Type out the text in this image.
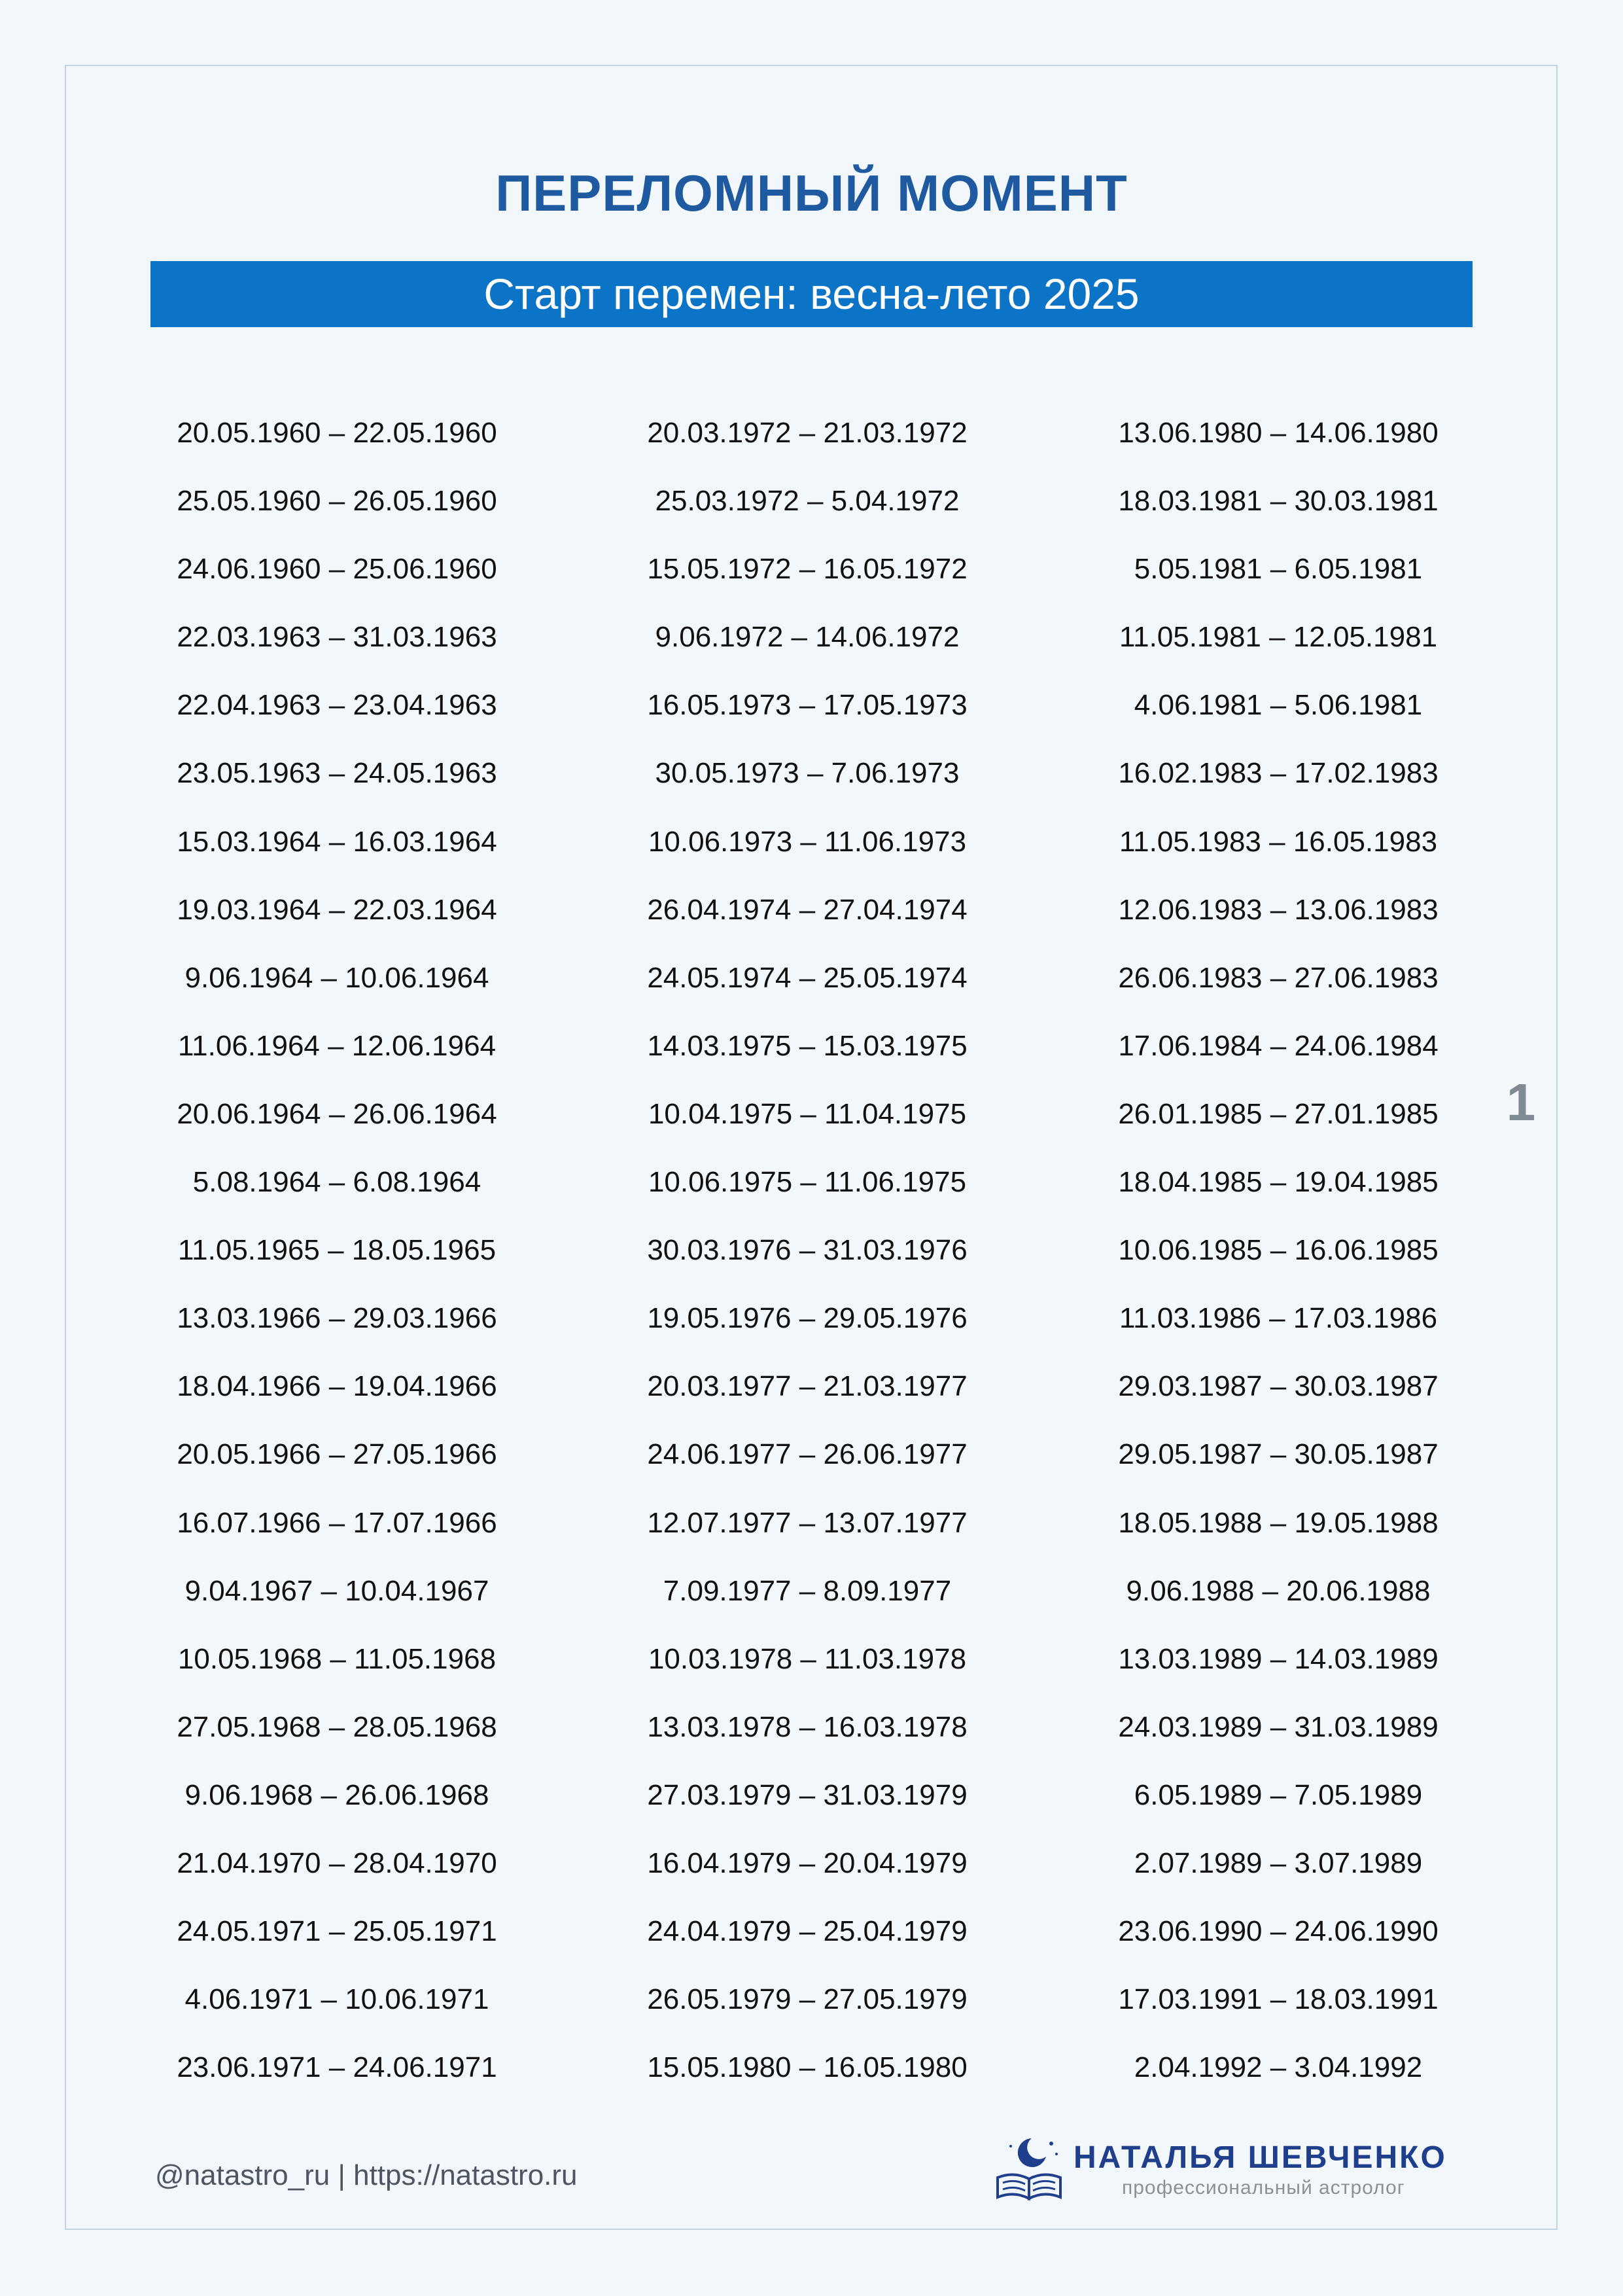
ПЕРЕЛОМНЫЙ МОМЕНТ
Старт перемен: весна-лето 2025
20.05.1960 – 22.05.1960
25.05.1960 – 26.05.1960
24.06.1960 – 25.06.1960
22.03.1963 – 31.03.1963
22.04.1963 – 23.04.1963
23.05.1963 – 24.05.1963
15.03.1964 – 16.03.1964
19.03.1964 – 22.03.1964
9.06.1964 – 10.06.1964
11.06.1964 – 12.06.1964
20.06.1964 – 26.06.1964
5.08.1964 – 6.08.1964
11.05.1965 – 18.05.1965
13.03.1966 – 29.03.1966
18.04.1966 – 19.04.1966
20.05.1966 – 27.05.1966
16.07.1966 – 17.07.1966
9.04.1967 – 10.04.1967
10.05.1968 – 11.05.1968
27.05.1968 – 28.05.1968
9.06.1968 – 26.06.1968
21.04.1970 – 28.04.1970
24.05.1971 – 25.05.1971
4.06.1971 – 10.06.1971
23.06.1971 – 24.06.1971
20.03.1972 – 21.03.1972
25.03.1972 – 5.04.1972
15.05.1972 – 16.05.1972
9.06.1972 – 14.06.1972
16.05.1973 – 17.05.1973
30.05.1973 – 7.06.1973
10.06.1973 – 11.06.1973
26.04.1974 – 27.04.1974
24.05.1974 – 25.05.1974
14.03.1975 – 15.03.1975
10.04.1975 – 11.04.1975
10.06.1975 – 11.06.1975
30.03.1976 – 31.03.1976
19.05.1976 – 29.05.1976
20.03.1977 – 21.03.1977
24.06.1977 – 26.06.1977
12.07.1977 – 13.07.1977
7.09.1977 – 8.09.1977
10.03.1978 – 11.03.1978
13.03.1978 – 16.03.1978
27.03.1979 – 31.03.1979
16.04.1979 – 20.04.1979
24.04.1979 – 25.04.1979
26.05.1979 – 27.05.1979
15.05.1980 – 16.05.1980
13.06.1980 – 14.06.1980
18.03.1981 – 30.03.1981
5.05.1981 – 6.05.1981
11.05.1981 – 12.05.1981
4.06.1981 – 5.06.1981
16.02.1983 – 17.02.1983
11.05.1983 – 16.05.1983
12.06.1983 – 13.06.1983
26.06.1983 – 27.06.1983
17.06.1984 – 24.06.1984
26.01.1985 – 27.01.1985
18.04.1985 – 19.04.1985
10.06.1985 – 16.06.1985
11.03.1986 – 17.03.1986
29.03.1987 – 30.03.1987
29.05.1987 – 30.05.1987
18.05.1988 – 19.05.1988
9.06.1988 – 20.06.1988
13.03.1989 – 14.03.1989
24.03.1989 – 31.03.1989
6.05.1989 – 7.05.1989
2.07.1989 – 3.07.1989
23.06.1990 – 24.06.1990
17.03.1991 – 18.03.1991
2.04.1992 – 3.04.1992
1
@natastro_ru | https://natastro.ru
НАТАЛЬЯ ШЕВЧЕНКО
профессиональный астролог
